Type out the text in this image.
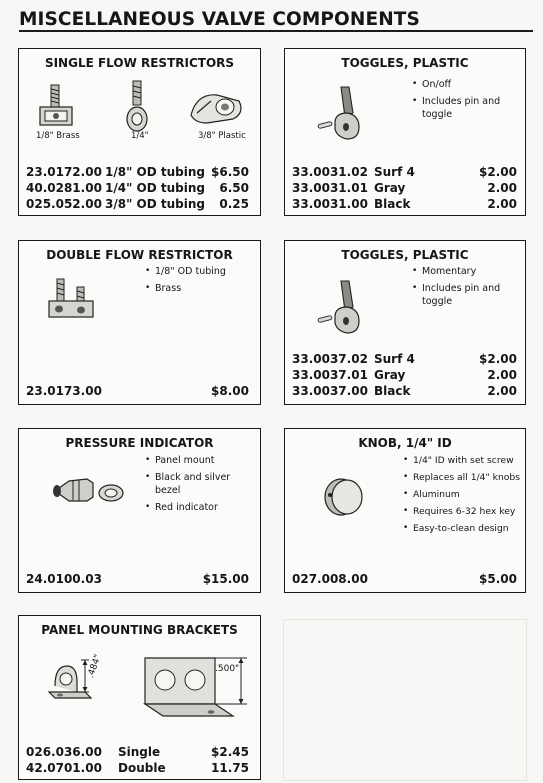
MISCELLANEOUS VALVE COMPONENTS
SINGLE FLOW RESTRICTORS
1/8" Brass	1/4"	3/8" Plastic
23.0172.00 1/8" OD tubing $6.50
40.0281.00 1/4" OD tubing 6.50
025.052.00 3/8" OD tubing 0.25
TOGGLES, PLASTIC
• On/off
• Includes pin and toggle
33.0031.02 Surf 4	$2.00
33.0031.01 Gray	2.00
33.0031.00 Black	2.00
DOUBLE FLOW RESTRICTOR
• 1/8" OD tubing
• Brass
23.0173.00	$8.00
TOGGLES, PLASTIC
• Momentary
• Includes pin and toggle
33.0037.02 Surf 4	$2.00
33.0037.01 Gray	2.00
33.0037.00 Black	2.00
PRESSURE INDICATOR
• Panel mount
• Black and silver bezel
• Red indicator
24.0100.03	$15.00
KNOB, 1/4" ID
• 1/4" ID with set screw
• Replaces all 1/4" knobs
• Aluminum
• Requires 6-32 hex key
• Easy-to-clean design
027.008.00	$5.00
PANEL MOUNTING BRACKETS
.484"	.500"
026.036.00 Single	$2.45
42.0701.00 Double	11.75
